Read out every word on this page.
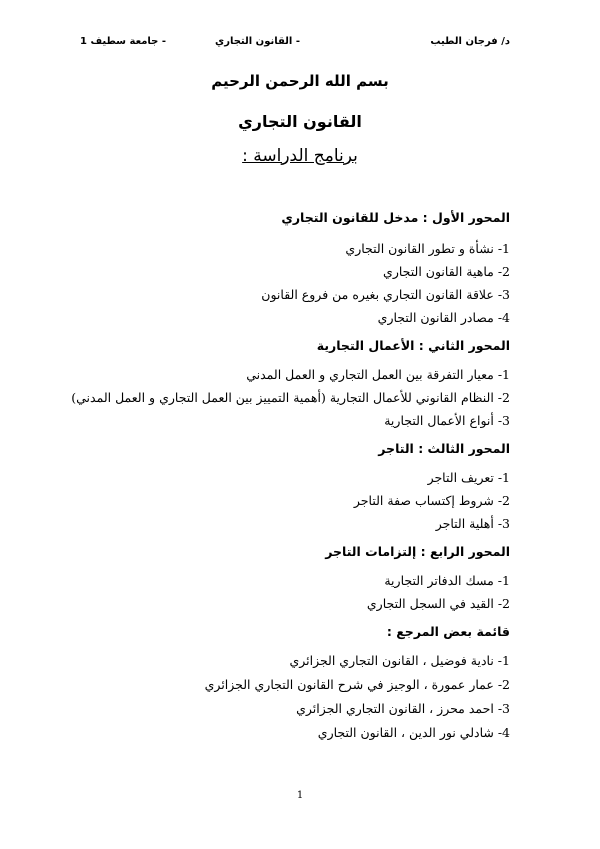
د/ فرجان الطيب
- القانون التجاري
- جامعة سطيف 1
بسم الله الرحمن الرحيم
القانون التجاري
برنامج الدراسة :
المحور الأول : مدخل للقانون التجاري
1- نشأة و تطور القانون التجاري
2- ماهية القانون التجاري
3- علاقة القانون التجاري بغيره من فروع القانون
4- مصادر القانون التجاري
المحور الثاني : الأعمال التجارية
1- معيار التفرقة بين العمل التجاري و العمل المدني
2- النظام القانوني للأعمال التجارية (أهمية التمييز بين العمل التجاري و العمل المدني)
3- أنواع الأعمال التجارية
المحور الثالث : التاجر
1- تعريف التاجر
2- شروط إكتساب صفة التاجر
3- أهلية التاجر
المحور الرابع : إلتزامات التاجر
1- مسك الدفاتر التجارية
2- القيد في السجل التجاري
قائمة بعض المرجع :
1- نادية فوضيل ، القانون التجاري الجزائري
2- عمار عمورة ، الوجيز في شرح القانون التجاري الجزائري
3- احمد محرز ، القانون التجاري الجزائري
4- شادلي نور الدين ، القانون التجاري
1
